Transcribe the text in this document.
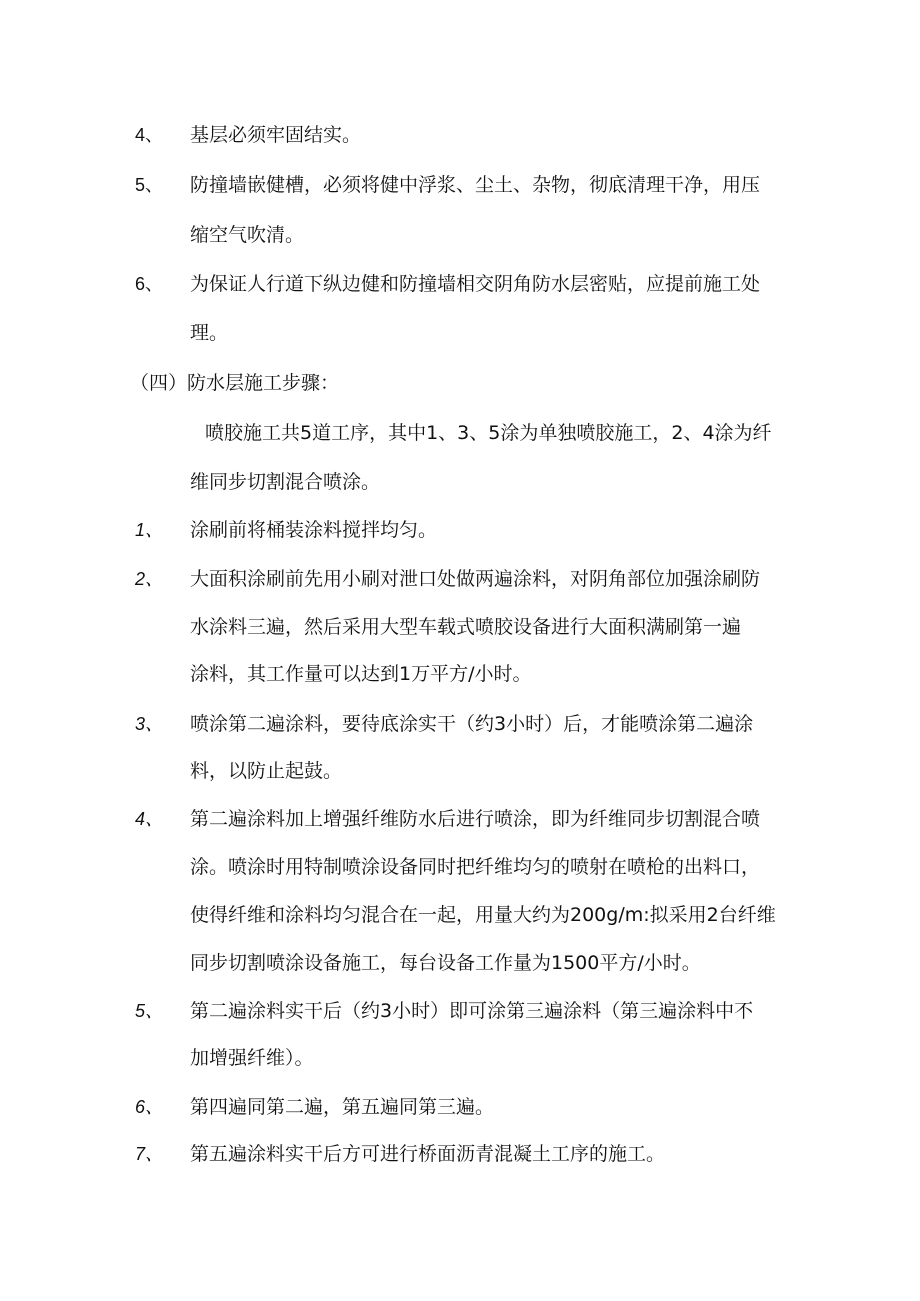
4、 基层必须牢固结实。
5、 防撞墙嵌健槽，必须将健中浮浆、尘土、杂物，彻底清理干净，用压
缩空气吹清。
6、 为保证人行道下纵边健和防撞墙相交阴角防水层密贴，应提前施工处
理。
（四）防水层施工步骤：
喷胶施工共5道工序，其中1、3、5涂为单独喷胶施工，2、4涂为纤
维同步切割混合喷涂。
1、 涂刷前将桶装涂料搅拌均匀。
2、 大面积涂刷前先用小刷对泄口处做两遍涂料，对阴角部位加强涂刷防
水涂料三遍，然后采用大型车载式喷胶设备进行大面积满刷第一遍
涂料，其工作量可以达到1万平方/小时。
3、 喷涂第二遍涂料，要待底涂实干（约3小时）后，才能喷涂第二遍涂
料，以防止起鼓。
4、 第二遍涂料加上增强纤维防水后进行喷涂，即为纤维同步切割混合喷
涂。喷涂时用特制喷涂设备同时把纤维均匀的喷射在喷枪的出料口，
使得纤维和涂料均匀混合在一起，用量大约为200g∕m:拟采用2台纤维
同步切割喷涂设备施工，每台设备工作量为1500平方/小时。
5、 第二遍涂料实干后（约3小时）即可涂第三遍涂料（第三遍涂料中不
加增强纤维）。
6、 第四遍同第二遍，第五遍同第三遍。
7、 第五遍涂料实干后方可进行桥面沥青混凝土工序的施工。
